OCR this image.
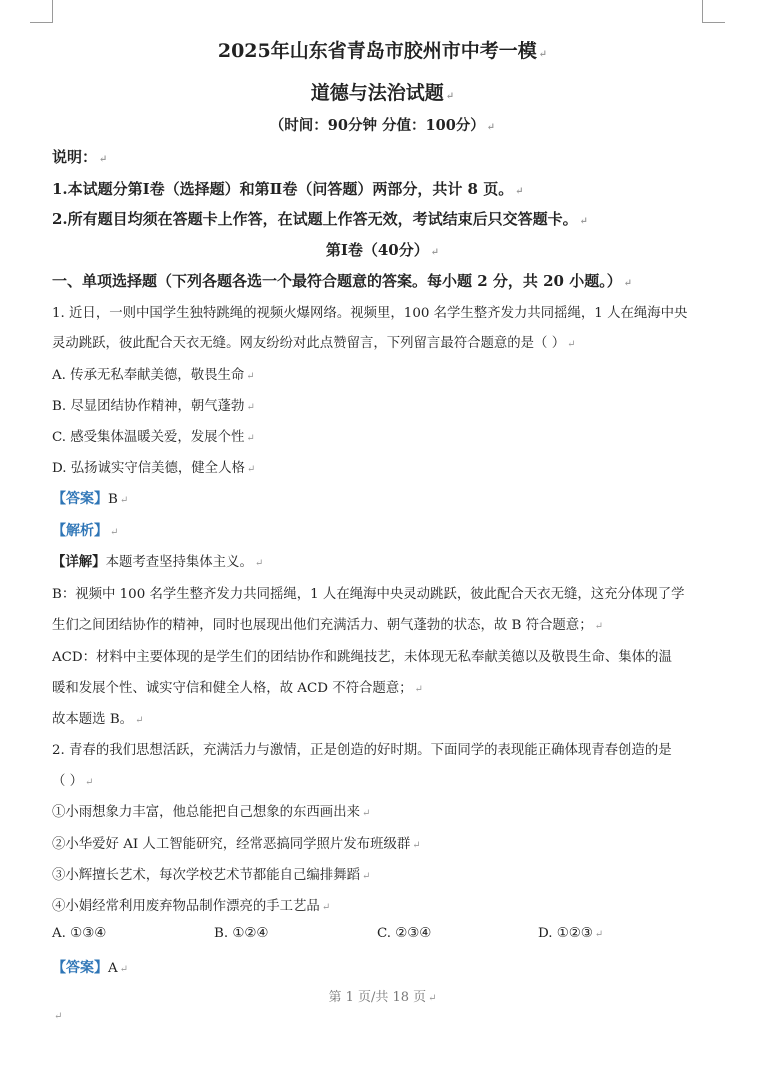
2025年山东省青岛市胶州市中考一模 ↵
道德与法治试题 ↵
（时间：90分钟 分值：100分） ↵
说明： ↵
1.本试题分第Ⅰ卷（选择题）和第Ⅱ卷（问答题）两部分，共计 8 页。 ↵
2.所有题目均须在答题卡上作答，在试题上作答无效，考试结束后只交答题卡。 ↵
第Ⅰ卷（40分） ↵
一、单项选择题（下列各题各选一个最符合题意的答案。每小题 2 分，共 20 小题。） ↵
1. 近日，一则中国学生独特跳绳的视频火爆网络。视频里，100 名学生整齐发力共同摇绳，1 人在绳海中央
灵动跳跃，彼此配合天衣无缝。网友纷纷对此点赞留言，下列留言最符合题意的是（ ） ↵
A. 传承无私奉献美德，敬畏生命 ↵
B. 尽显团结协作精神，朝气蓬勃 ↵
C. 感受集体温暖关爱，发展个性 ↵
D. 弘扬诚实守信美德，健全人格 ↵
【答案】B ↵
【解析】 ↵
【详解】本题考查坚持集体主义。 ↵
B：视频中 100 名学生整齐发力共同摇绳，1 人在绳海中央灵动跳跃，彼此配合天衣无缝，这充分体现了学
生们之间团结协作的精神，同时也展现出他们充满活力、朝气蓬勃的状态，故 B 符合题意； ↵
ACD：材料中主要体现的是学生们的团结协作和跳绳技艺，未体现无私奉献美德以及敬畏生命、集体的温
暖和发展个性、诚实守信和健全人格，故 ACD 不符合题意； ↵
故本题选 B。 ↵
2. 青春的我们思想活跃，充满活力与激情，正是创造的好时期。下面同学的表现能正确体现青春创造的是
（ ） ↵
①小雨想象力丰富，他总能把自己想象的东西画出来 ↵
②小华爱好 AI 人工智能研究，经常恶搞同学照片发布班级群 ↵
③小辉擅长艺术，每次学校艺术节都能自己编排舞蹈 ↵
④小娟经常利用废弃物品制作漂亮的手工艺品 ↵
A. ①③④	B. ①②④	C. ②③④	D. ①②③ ↵
【答案】A ↵
第 1 页/共 18 页 ↵
↵
